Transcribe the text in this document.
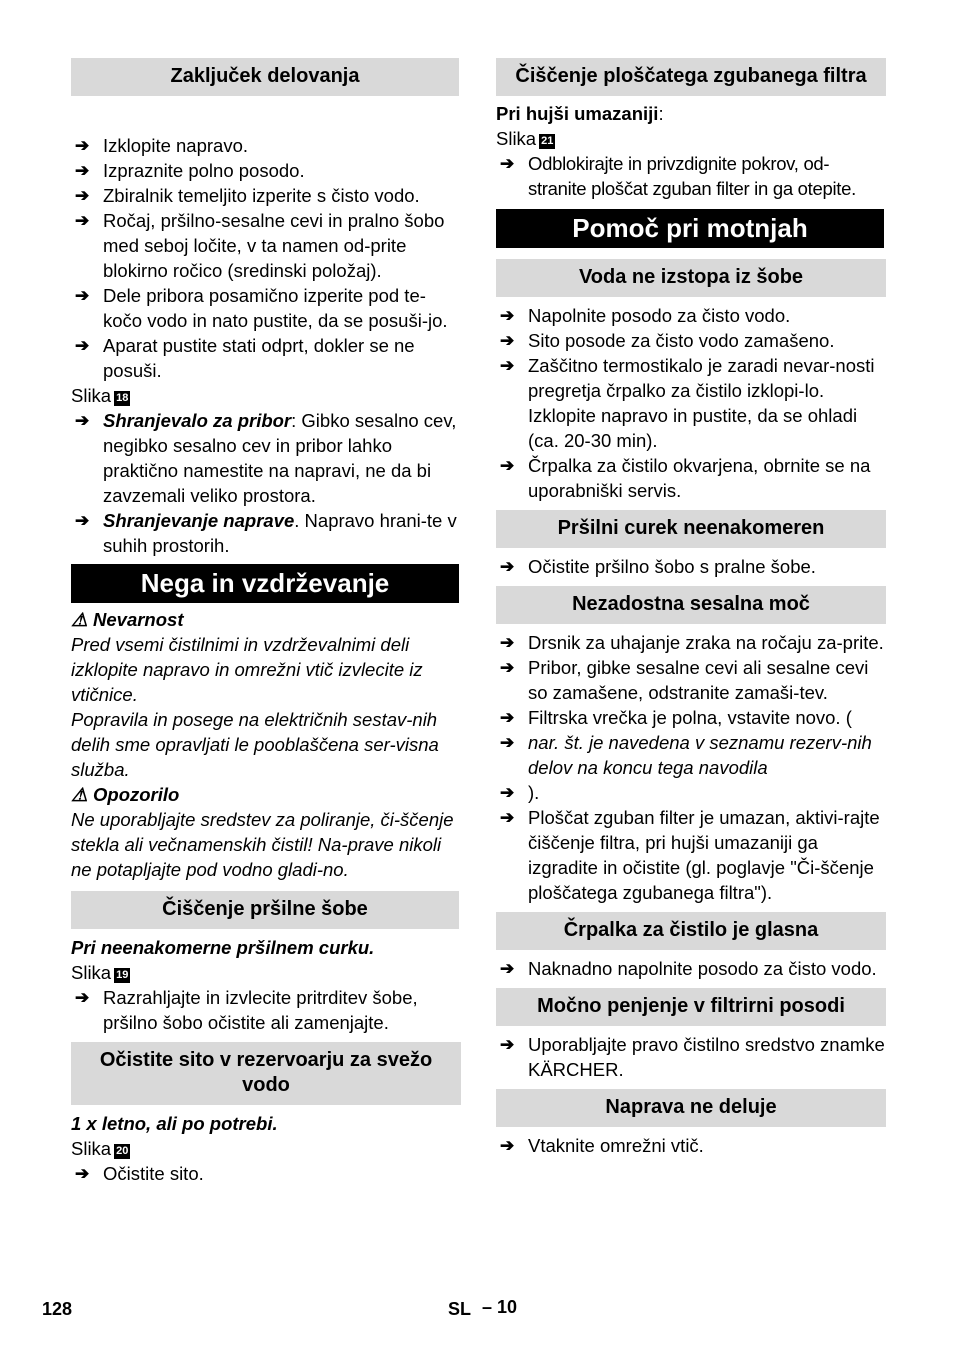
Zaključek delovanja
➔ Izklopite napravo.
➔ Izpraznite polno posodo.
➔ Zbiralnik temeljito izperite s čisto vodo.
➔ Ročaj, pršilno-sesalne cevi in pralno šobo med seboj ločite, v ta namen od-prite blokirno ročico (sredinski položaj).
➔ Dele pribora posamično izperite pod te-kočo vodo in nato pustite, da se posuši-jo.
➔ Aparat pustite stati odprt, dokler se ne posuši.
Slika 18
➔ Shranjevalo za pribor: Gibko sesalno cev, negibko sesalno cev in pribor lahko praktično namestite na napravi, ne da bi zavzemali veliko prostora.
➔ Shranjevanje naprave. Napravo hrani-te v suhih prostorih.
Nega in vzdrževanje
⚠ Nevarnost
Pred vsemi čistilnimi in vzdrževalnimi deli izklopite napravo in omrežni vtič izvlecite iz vtičnice.
Popravila in posege na električnih sestav-nih delih sme opravljati le pooblaščena ser-visna služba.
⚠ Opozorilo
Ne uporabljajte sredstev za poliranje, či-ščenje stekla ali večnamenskih čistil! Na-prave nikoli ne potapljajte pod vodno gladi-no.
Čiščenje pršilne šobe
Pri neenakomerne pršilnem curku.
Slika 19
➔ Razrahljajte in izvlecite pritrditev šobe, pršilno šobo očistite ali zamenjajte.
Očistite sito v rezervoarju za svežo vodo
1 x letno, ali po potrebi.
Slika 20
➔ Očistite sito.
Čiščenje ploščatega zgubanega filtra
Pri hujši umazaniji:
Slika 21
➔ Odblokirajte in privzdignite pokrov, od-stranite ploščat zguban filter in ga otepite.
Pomoč pri motnjah
Voda ne izstopa iz šobe
➔ Napolnite posodo za čisto vodo.
➔ Sito posode za čisto vodo zamašeno.
➔ Zaščitno termostikalo je zaradi nevar-nosti pregretja črpalko za čistilo izklopi-lo. Izklopite napravo in pustite, da se ohladi (ca. 20-30 min).
➔ Črpalka za čistilo okvarjena, obrnite se na uporabniški servis.
Pršilni curek neenakomeren
➔ Očistite pršilno šobo s pralne šobe.
Nezadostna sesalna moč
➔ Drsnik za uhajanje zraka na ročaju za-prite.
➔ Pribor, gibke sesalne cevi ali sesalne cevi so zamašene, odstranite zamaši-tev.
➔ Filtrska vrečka je polna, vstavite novo. (
➔ nar. št. je navedena v seznamu rezerv-nih delov na koncu tega navodila
➔ ).
➔ Ploščat zguban filter je umazan, aktivi-rajte čiščenje filtra, pri hujši umazaniji ga izgradite in očistite (gl. poglavje "Či-ščenje ploščatega zgubanega filtra").
Črpalka za čistilo je glasna
➔ Naknadno napolnite posodo za čisto vodo.
Močno penjenje v filtrirni posodi
➔ Uporabljajte pravo čistilno sredstvo znamke KÄRCHER.
Naprava ne deluje
➔ Vtaknite omrežni vtič.
128	SL – 10
